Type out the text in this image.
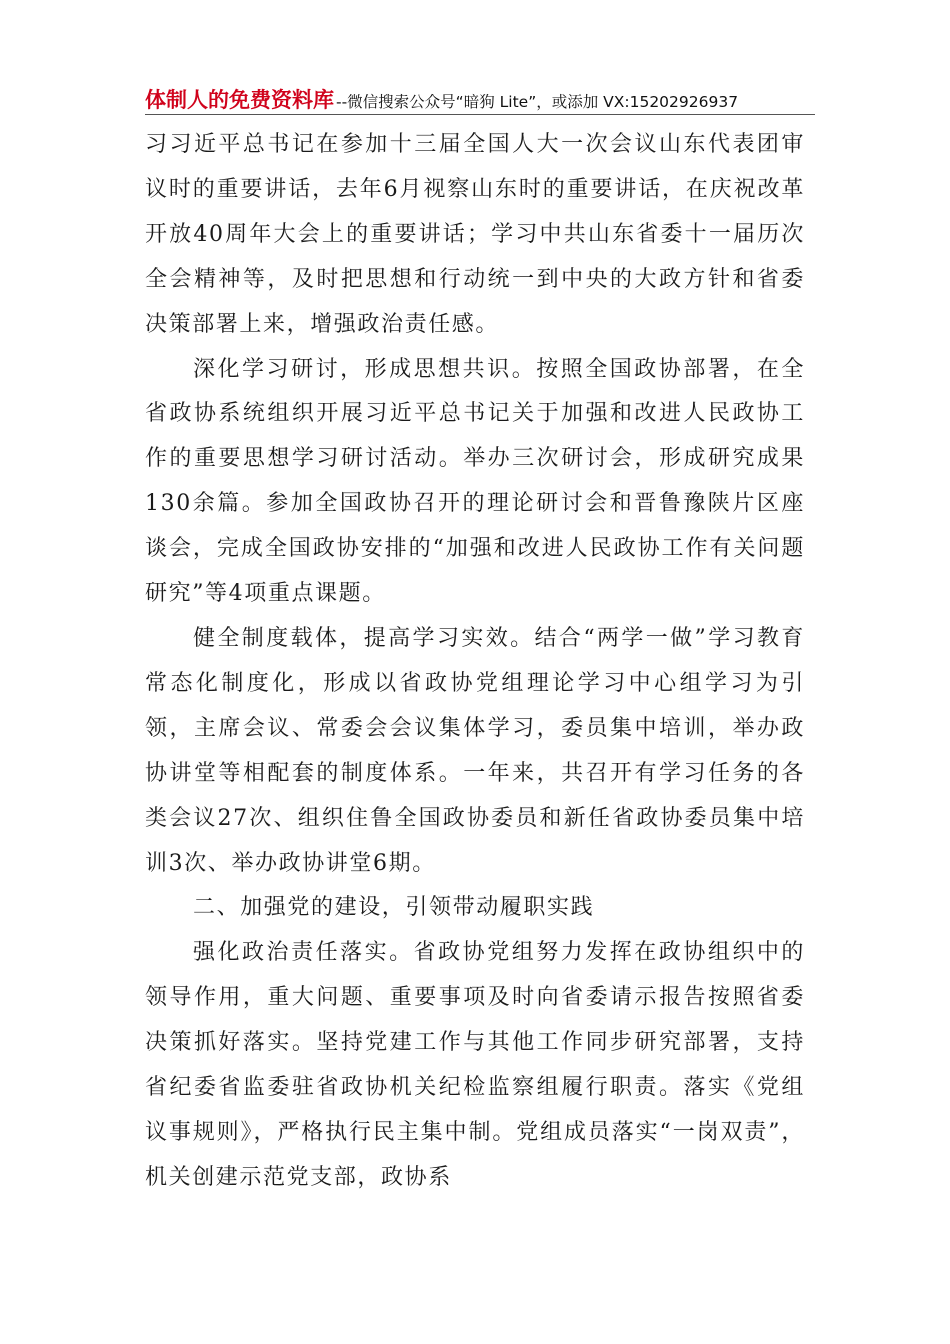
体制人的免费资料库 --微信搜索公众号“暗狗 Lite”，或添加 VX:15202926937

习习近平总书记在参加十三届全国人大一次会议山东代表团审议时的重要讲话，去年6月视察山东时的重要讲话，在庆祝改革开放40周年大会上的重要讲话；学习中共山东省委十一届历次全会精神等，及时把思想和行动统一到中央的大政方针和省委决策部署上来，增强政治责任感。

深化学习研讨，形成思想共识。按照全国政协部署，在全省政协系统组织开展习近平总书记关于加强和改进人民政协工作的重要思想学习研讨活动。举办三次研讨会，形成研究成果130余篇。参加全国政协召开的理论研讨会和晋鲁豫陕片区座谈会，完成全国政协安排的“加强和改进人民政协工作有关问题研究”等4项重点课题。

健全制度载体，提高学习实效。结合“两学一做”学习教育常态化制度化，形成以省政协党组理论学习中心组学习为引领，主席会议、常委会会议集体学习，委员集中培训，举办政协讲堂等相配套的制度体系。一年来，共召开有学习任务的各类会议27次、组织住鲁全国政协委员和新任省政协委员集中培训3次、举办政协讲堂6期。

二、加强党的建设，引领带动履职实践

强化政治责任落实。省政协党组努力发挥在政协组织中的领导作用，重大问题、重要事项及时向省委请示报告按照省委决策抓好落实。坚持党建工作与其他工作同步研究部署，支持省纪委省监委驻省政协机关纪检监察组履行职责。落实《党组议事规则》，严格执行民主集中制。党组成员落实“一岗双责”，机关创建示范党支部，政协系
